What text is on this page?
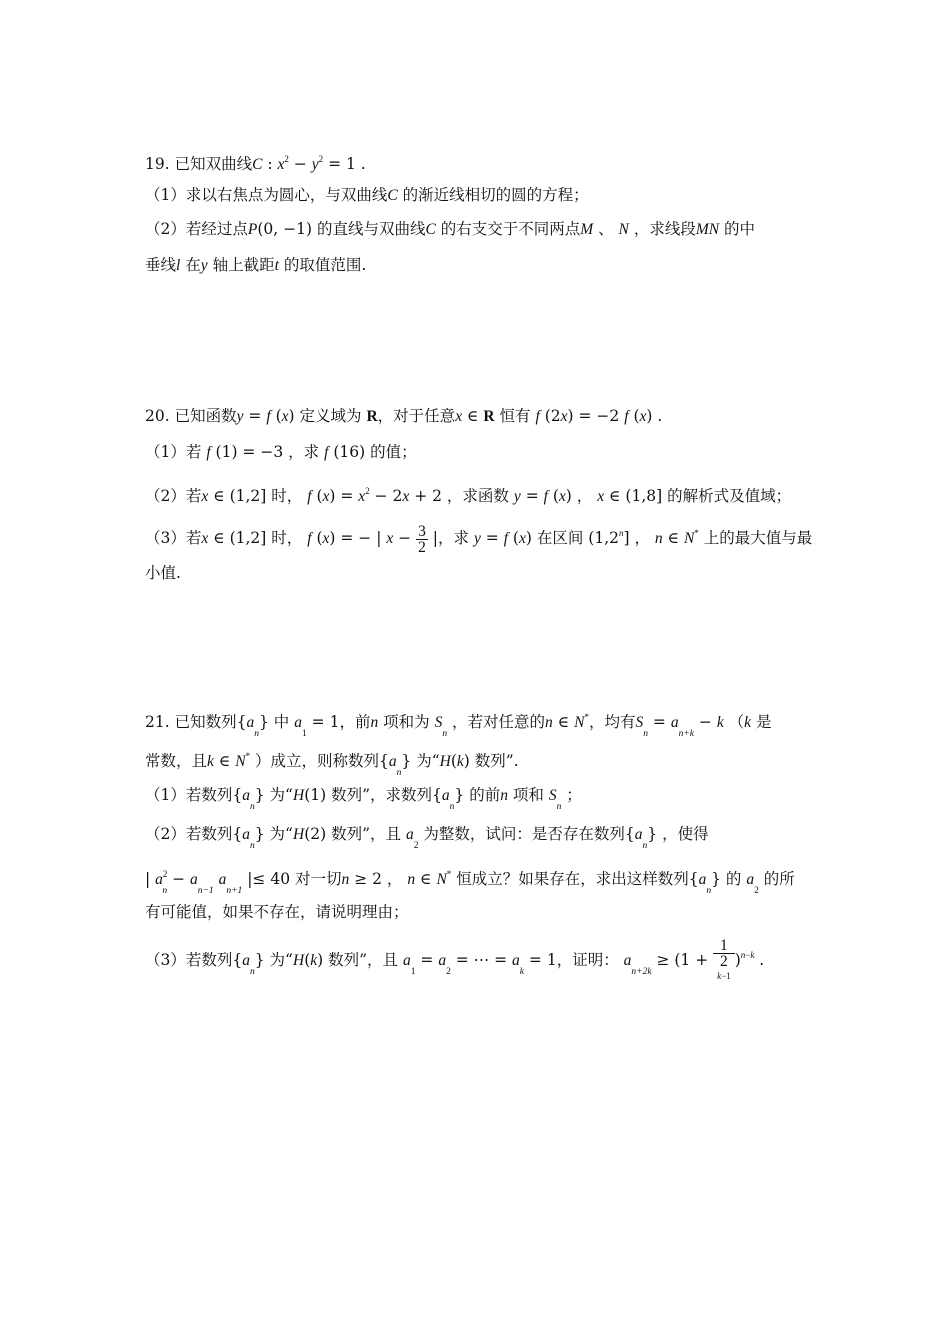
19. 已知双曲线C : $x^2 - y^2 = 1$ .
（1）求以右焦点为圆心，与双曲线C 的渐近线相切的圆的方程；
（2）若经过点P(0, −1) 的直线与双曲线C 的右支交于不同两点M 、 N ，求线段MN 的中
垂线l 在y 轴上截距t 的取值范围.
20. 已知函数y = f (x) 定义域为 R，对于任意x ∈ R 恒有 f (2x) = −2 f (x) .
（1）若 f (1) = −3 ，求 f (16) 的值；
（2）若x ∈ (1,2] 时， f $(x) = x^2 - 2x + 2$ ，求函数 y = f (x) ， x ∈ (1,8] 的解析式及值域；
（3）若x ∈ (1,2] 时， f (x) = − | $x - \frac{3}{2}$ |，求 y = f (x) 在区间 (1,2$^n$] ， n ∈ N* 上的最大值与最
小值.
21. 已知数列$\{a_n\}$ 中 $a_1 = 1$，前n 项和为 $S_n$ ，若对任意的n ∈ N*，均有$S_n = a_{n+k} - k$ （k 是
常数，且k ∈ N* ）成立，则称数列$\{a_n\}$ 为“H(k) 数列”.
（1）若数列$\{a_n\}$ 为“H(1) 数列”，求数列$\{a_n\}$ 的前n 项和 $S_n$ ；
（2）若数列$\{a_n\}$ 为“H(2) 数列”，且 $a_2$ 为整数，试问：是否存在数列$\{a_n\}$ ，使得
| $a^2_n - a_{n-1}$ $a_{n+1}$ |≤ 40 对一切n ≥ 2 ， n ∈ N* 恒成立？如果存在，求出这样数列$\{a_n\}$ 的 $a_2$ 的所
有可能值，如果不存在，请说明理由；
（3）若数列$\{a_n\}$ 为“H(k) 数列”，且 $a_1 = a_2$ = ⋯ = $a_k = 1$，证明： $a_{n+2k} \ge (1 + 1$
2
k−1 )$^{n-k}$ .
